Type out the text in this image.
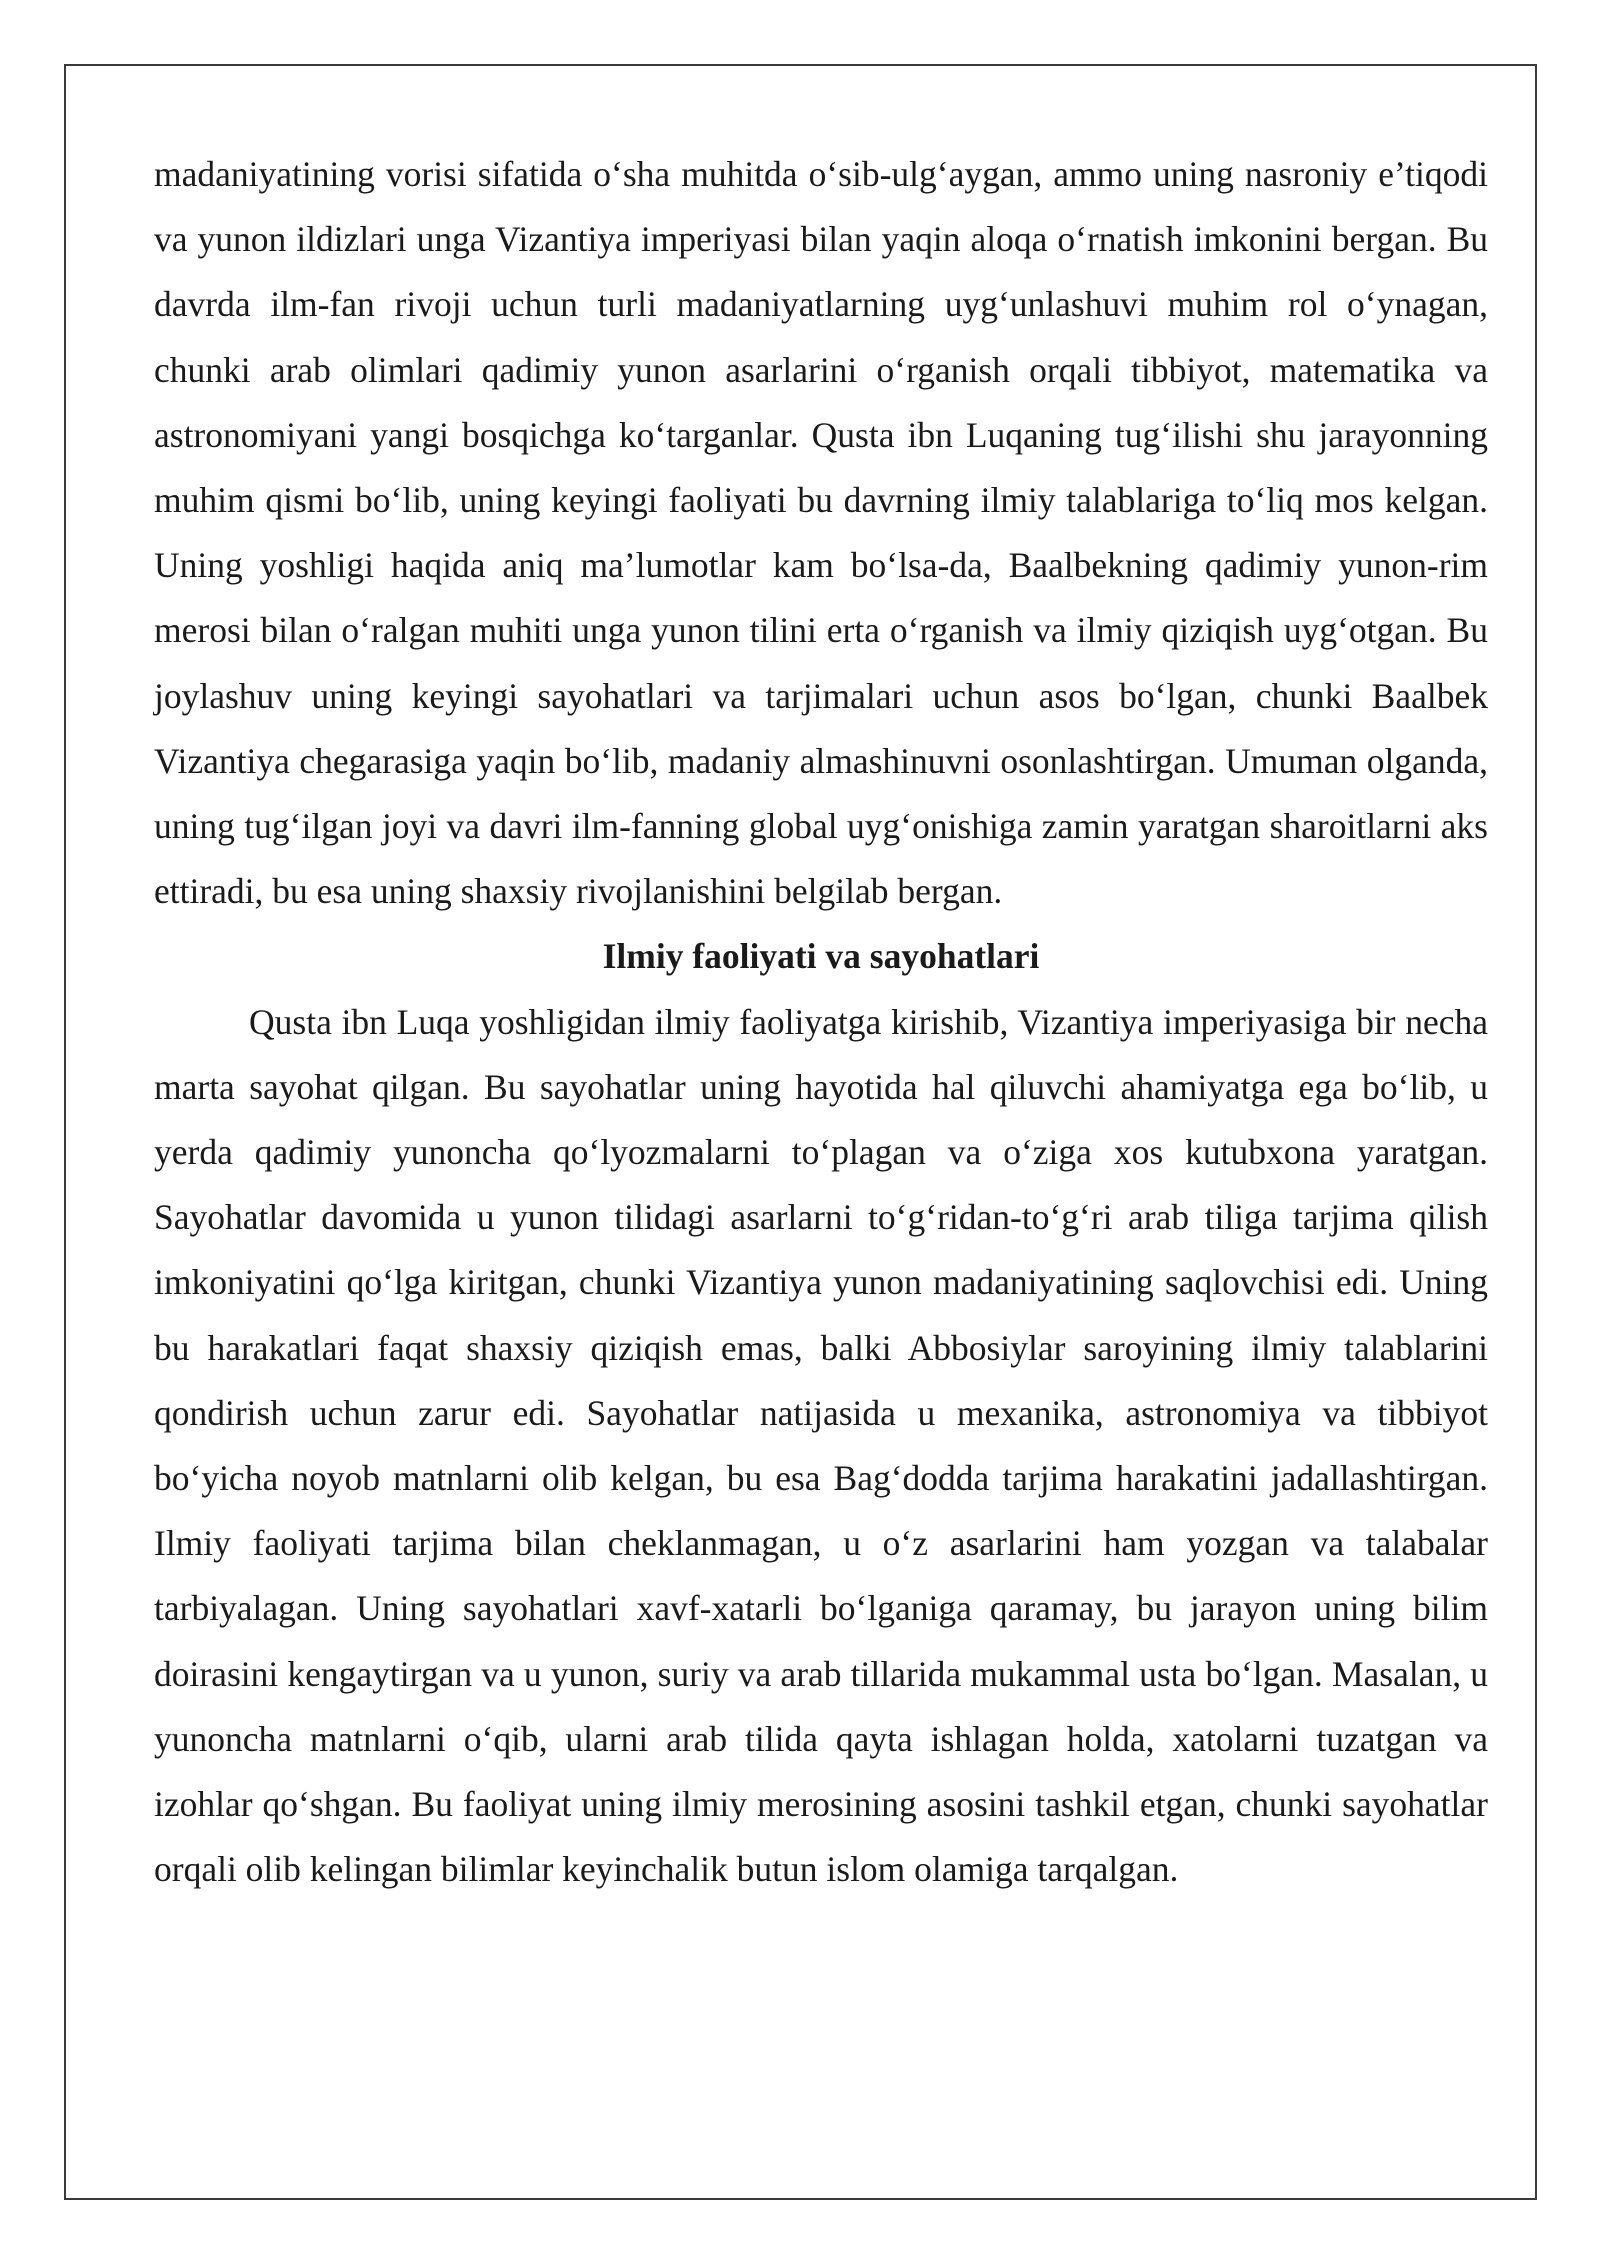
madaniyatining vorisi sifatida o‘sha muhitda o‘sib-ulg‘aygan, ammo uning nasroniy e’tiqodi va yunon ildizlari unga Vizantiya imperiyasi bilan yaqin aloqa o‘rnatish imkonini bergan. Bu davrda ilm-fan rivoji uchun turli madaniyatlarning uyg‘unlashuvi muhim rol o‘ynagan, chunki arab olimlari qadimiy yunon asarlarini o‘rganish orqali tibbiyot, matematika va astronomiyani yangi bosqichga ko‘targanlar. Qusta ibn Luqaning tug‘ilishi shu jarayonning muhim qismi bo‘lib, uning keyingi faoliyati bu davrning ilmiy talablariga to‘liq mos kelgan. Uning yoshligi haqida aniq ma’lumotlar kam bo‘lsa-da, Baalbekning qadimiy yunon-rim merosi bilan o‘ralgan muhiti unga yunon tilini erta o‘rganish va ilmiy qiziqish uyg‘otgan. Bu joylashuv uning keyingi sayohatlari va tarjimalari uchun asos bo‘lgan, chunki Baalbek Vizantiya chegarasiga yaqin bo‘lib, madaniy almashinuvni osonlashtirgan. Umuman olganda, uning tug‘ilgan joyi va davri ilm-fanning global uyg‘onishiga zamin yaratgan sharoitlarni aks ettiradi, bu esa uning shaxsiy rivojlanishini belgilab bergan.

Ilmiy faoliyati va sayohatlari

Qusta ibn Luqa yoshligidan ilmiy faoliyatga kirishib, Vizantiya imperiyasiga bir necha marta sayohat qilgan. Bu sayohatlar uning hayotida hal qiluvchi ahamiyatga ega bo‘lib, u yerda qadimiy yunoncha qo‘lyozmalarni to‘plagan va o‘ziga xos kutubxona yaratgan. Sayohatlar davomida u yunon tilidagi asarlarni to‘g‘ridan-to‘g‘ri arab tiliga tarjima qilish imkoniyatini qo‘lga kiritgan, chunki Vizantiya yunon madaniyatining saqlovchisi edi. Uning bu harakatlari faqat shaxsiy qiziqish emas, balki Abbosiylar saroyining ilmiy talablarini qondirish uchun zarur edi. Sayohatlar natijasida u mexanika, astronomiya va tibbiyot bo‘yicha noyob matnlarni olib kelgan, bu esa Bag‘dodda tarjima harakatini jadallashtirgan. Ilmiy faoliyati tarjima bilan cheklanmagan, u o‘z asarlarini ham yozgan va talabalar tarbiyalagan. Uning sayohatlari xavf-xatarli bo‘lganiga qaramay, bu jarayon uning bilim doirasini kengaytirgan va u yunon, suriy va arab tillarida mukammal usta bo‘lgan. Masalan, u yunoncha matnlarni o‘qib, ularni arab tilida qayta ishlagan holda, xatolarni tuzatgan va izohlar qo‘shgan. Bu faoliyat uning ilmiy merosining asosini tashkil etgan, chunki sayohatlar orqali olib kelingan bilimlar keyinchalik butun islom olamiga tarqalgan.
